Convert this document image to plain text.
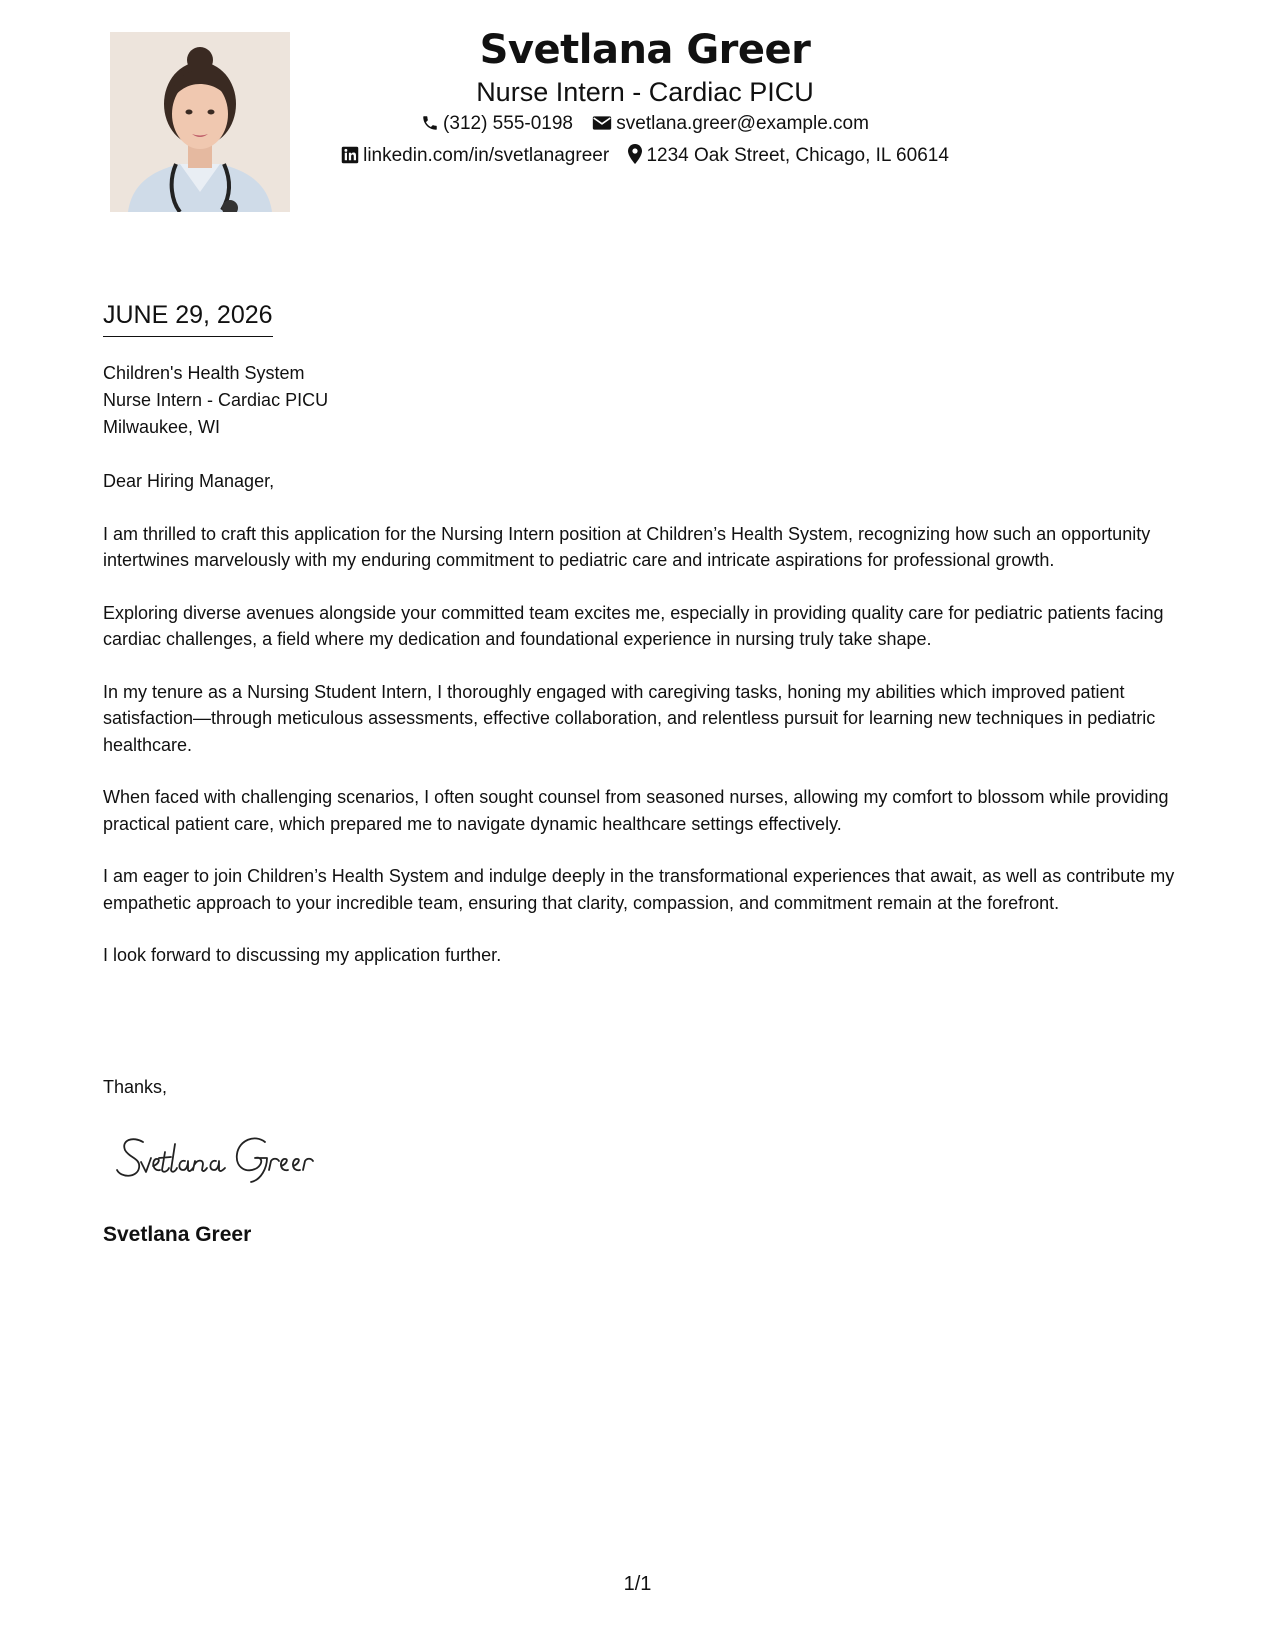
Svetlana Greer
Nurse Intern - Cardiac PICU
(312) 555-0198 svetlana.greer@example.com
linkedin.com/in/svetlanagreer 1234 Oak Street, Chicago, IL 60614
JUNE 29, 2026
Children's Health System
Nurse Intern - Cardiac PICU
Milwaukee, WI

Dear Hiring Manager,

I am thrilled to craft this application for the Nursing Intern position at Children’s Health System, recognizing how such an opportunity intertwines marvelously with my enduring commitment to pediatric care and intricate aspirations for professional growth.

Exploring diverse avenues alongside your committed team excites me, especially in providing quality care for pediatric patients facing cardiac challenges, a field where my dedication and foundational experience in nursing truly take shape.

In my tenure as a Nursing Student Intern, I thoroughly engaged with caregiving tasks, honing my abilities which improved patient satisfaction—through meticulous assessments, effective collaboration, and relentless pursuit for learning new techniques in pediatric healthcare.

When faced with challenging scenarios, I often sought counsel from seasoned nurses, allowing my comfort to blossom while providing practical patient care, which prepared me to navigate dynamic healthcare settings effectively.

I am eager to join Children’s Health System and indulge deeply in the transformational experiences that await, as well as contribute my empathetic approach to your incredible team, ensuring that clarity, compassion, and commitment remain at the forefront.

I look forward to discussing my application further.

Thanks,
Svetlana Greer
1/1
